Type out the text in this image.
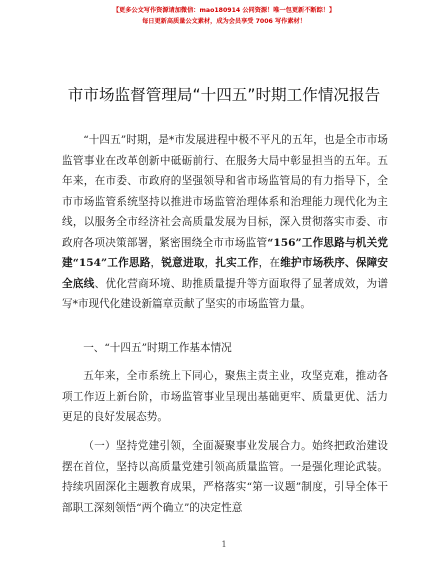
【更多公文写作资源请加微信：mao180914 公同资源！唯一包更新不断踪！】
每日更新高质量公文素材，成为会员享受 7006 写作素材！
市市场监督管理局“十四五”时期工作情况报告
“十四五”时期，是*市发展进程中极不平凡的五年，也是全市市场监管事业在改革创新中砥砺前行、在服务大局中彰显担当的五年。五年来，在市委、市政府的坚强领导和省市场监管局的有力指导下，全市市场监管系统坚持以推进市场监管治理体系和治理能力现代化为主线，以服务全市经济社会高质量发展为目标，深入贯彻落实市委、市政府各项决策部署，紧密围绕全市市场监管“156”工作思路与机关党建“154”工作思路，锐意进取，扎实工作，在维护市场秩序、保障安全底线、优化营商环境、助推质量提升等方面取得了显著成效，为谱写*市现代化建设新篇章贡献了坚实的市场监管力量。
一、“十四五”时期工作基本情况
五年来，全市系统上下同心，聚焦主责主业，攻坚克难，推动各项工作迈上新台阶，市场监管事业呈现出基础更牢、质量更优、活力更足的良好发展态势。
（一）坚持党建引领，全面凝聚事业发展合力。始终把政治建设摆在首位，坚持以高质量党建引领高质量监管。一是强化理论武装。持续巩固深化主题教育成果，严格落实“第一议题”制度，引导全体干部职工深刻领悟“两个确立”的决定性意
1
